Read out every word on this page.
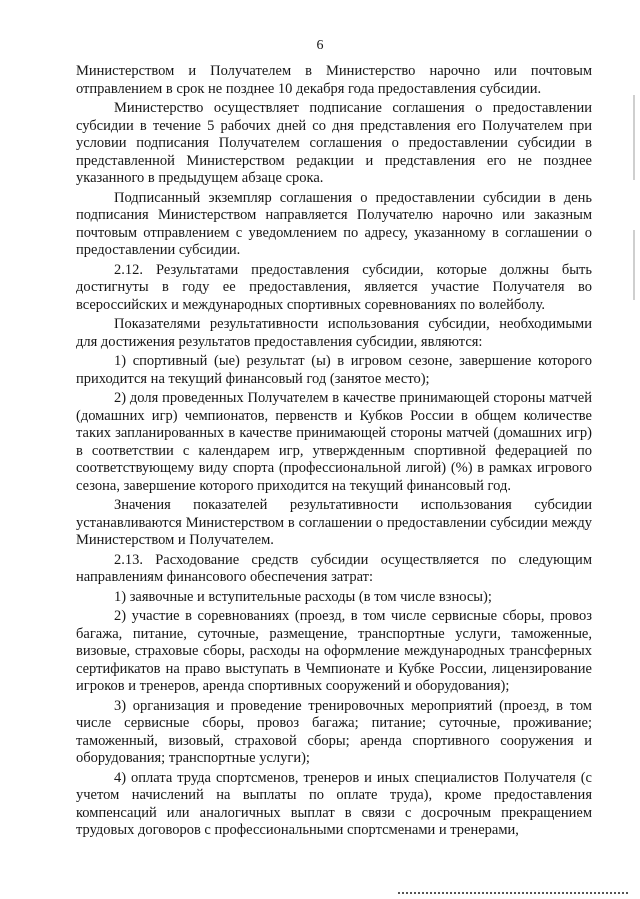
6

Министерством и Получателем в Министерство нарочно или почтовым отправлением в срок не позднее 10 декабря года предоставления субсидии.

Министерство осуществляет подписание соглашения о предоставлении субсидии в течение 5 рабочих дней со дня представления его Получателем при условии подписания Получателем соглашения о предоставлении субсидии в представленной Министерством редакции и представления его не позднее указанного в предыдущем абзаце срока.

Подписанный экземпляр соглашения о предоставлении субсидии в день подписания Министерством направляется Получателю нарочно или заказным почтовым отправлением с уведомлением по адресу, указанному в соглашении о предоставлении субсидии.

2.12. Результатами предоставления субсидии, которые должны быть достигнуты в году ее предоставления, является участие Получателя во всероссийских и международных спортивных соревнованиях по волейболу.

Показателями результативности использования субсидии, необходимыми для достижения результатов предоставления субсидии, являются:

1) спортивный (ые) результат (ы) в игровом сезоне, завершение которого приходится на текущий финансовый год (занятое место);

2) доля проведенных Получателем в качестве принимающей стороны матчей (домашних игр) чемпионатов, первенств и Кубков России в общем количестве таких запланированных в качестве принимающей стороны матчей (домашних игр) в соответствии с календарем игр, утвержденным спортивной федерацией по соответствующему виду спорта (профессиональной лигой) (%) в рамках игрового сезона, завершение которого приходится на текущий финансовый год.

Значения показателей результативности использования субсидии устанавливаются Министерством в соглашении о предоставлении субсидии между Министерством и Получателем.

2.13. Расходование средств субсидии осуществляется по следующим направлениям финансового обеспечения затрат:

1) заявочные и вступительные расходы (в том числе взносы);

2) участие в соревнованиях (проезд, в том числе сервисные сборы, провоз багажа, питание, суточные, размещение, транспортные услуги, таможенные, визовые, страховые сборы, расходы на оформление международных трансферных сертификатов на право выступать в Чемпионате и Кубке России, лицензирование игроков и тренеров, аренда спортивных сооружений и оборудования);

3) организация и проведение тренировочных мероприятий (проезд, в том числе сервисные сборы, провоз багажа; питание; суточные, проживание; таможенный, визовый, страховой сборы; аренда спортивного сооружения и оборудования; транспортные услуги);

4) оплата труда спортсменов, тренеров и иных специалистов Получателя (с учетом начислений на выплаты по оплате труда), кроме предоставления компенсаций или аналогичных выплат в связи с досрочным прекращением трудовых договоров с профессиональными спортсменами и тренерами,
